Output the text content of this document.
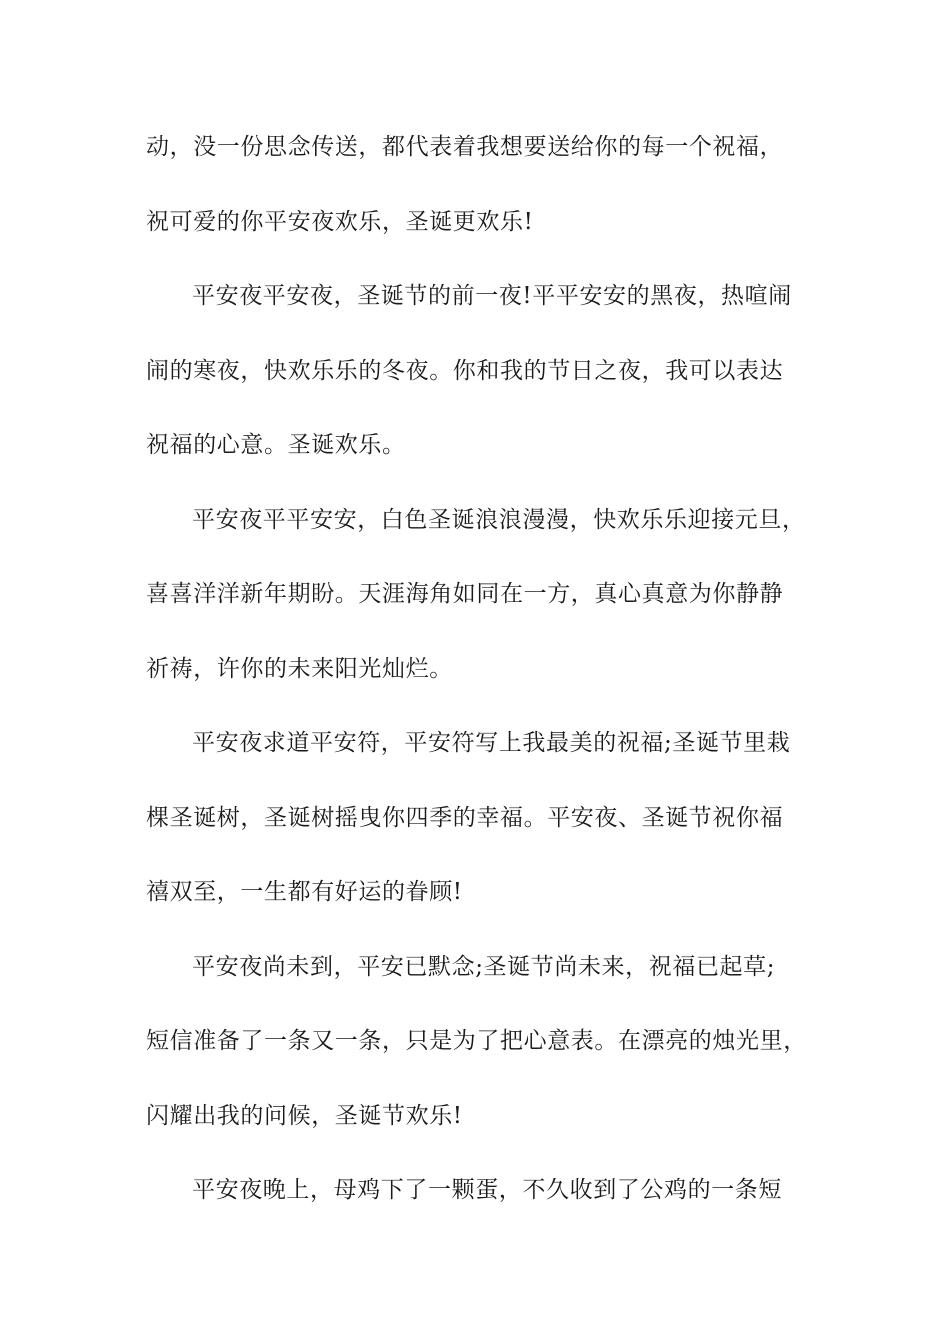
动，没一份思念传送，都代表着我想要送给你的每一个祝福，
祝可爱的你平安夜欢乐，圣诞更欢乐!
平安夜平安夜，圣诞节的前一夜!平平安安的黑夜，热喧闹
闹的寒夜，快欢乐乐的冬夜。你和我的节日之夜，我可以表达
祝福的心意。圣诞欢乐。
平安夜平平安安，白色圣诞浪浪漫漫，快欢乐乐迎接元旦，
喜喜洋洋新年期盼。天涯海角如同在一方，真心真意为你静静
祈祷，许你的未来阳光灿烂。
平安夜求道平安符，平安符写上我最美的祝福;圣诞节里栽
棵圣诞树，圣诞树摇曳你四季的幸福。平安夜、圣诞节祝你福
禧双至，一生都有好运的眷顾!
平安夜尚未到，平安已默念;圣诞节尚未来，祝福已起草;
短信准备了一条又一条，只是为了把心意表。在漂亮的烛光里，
闪耀出我的问候，圣诞节欢乐!
平安夜晚上，母鸡下了一颗蛋，不久收到了公鸡的一条短
